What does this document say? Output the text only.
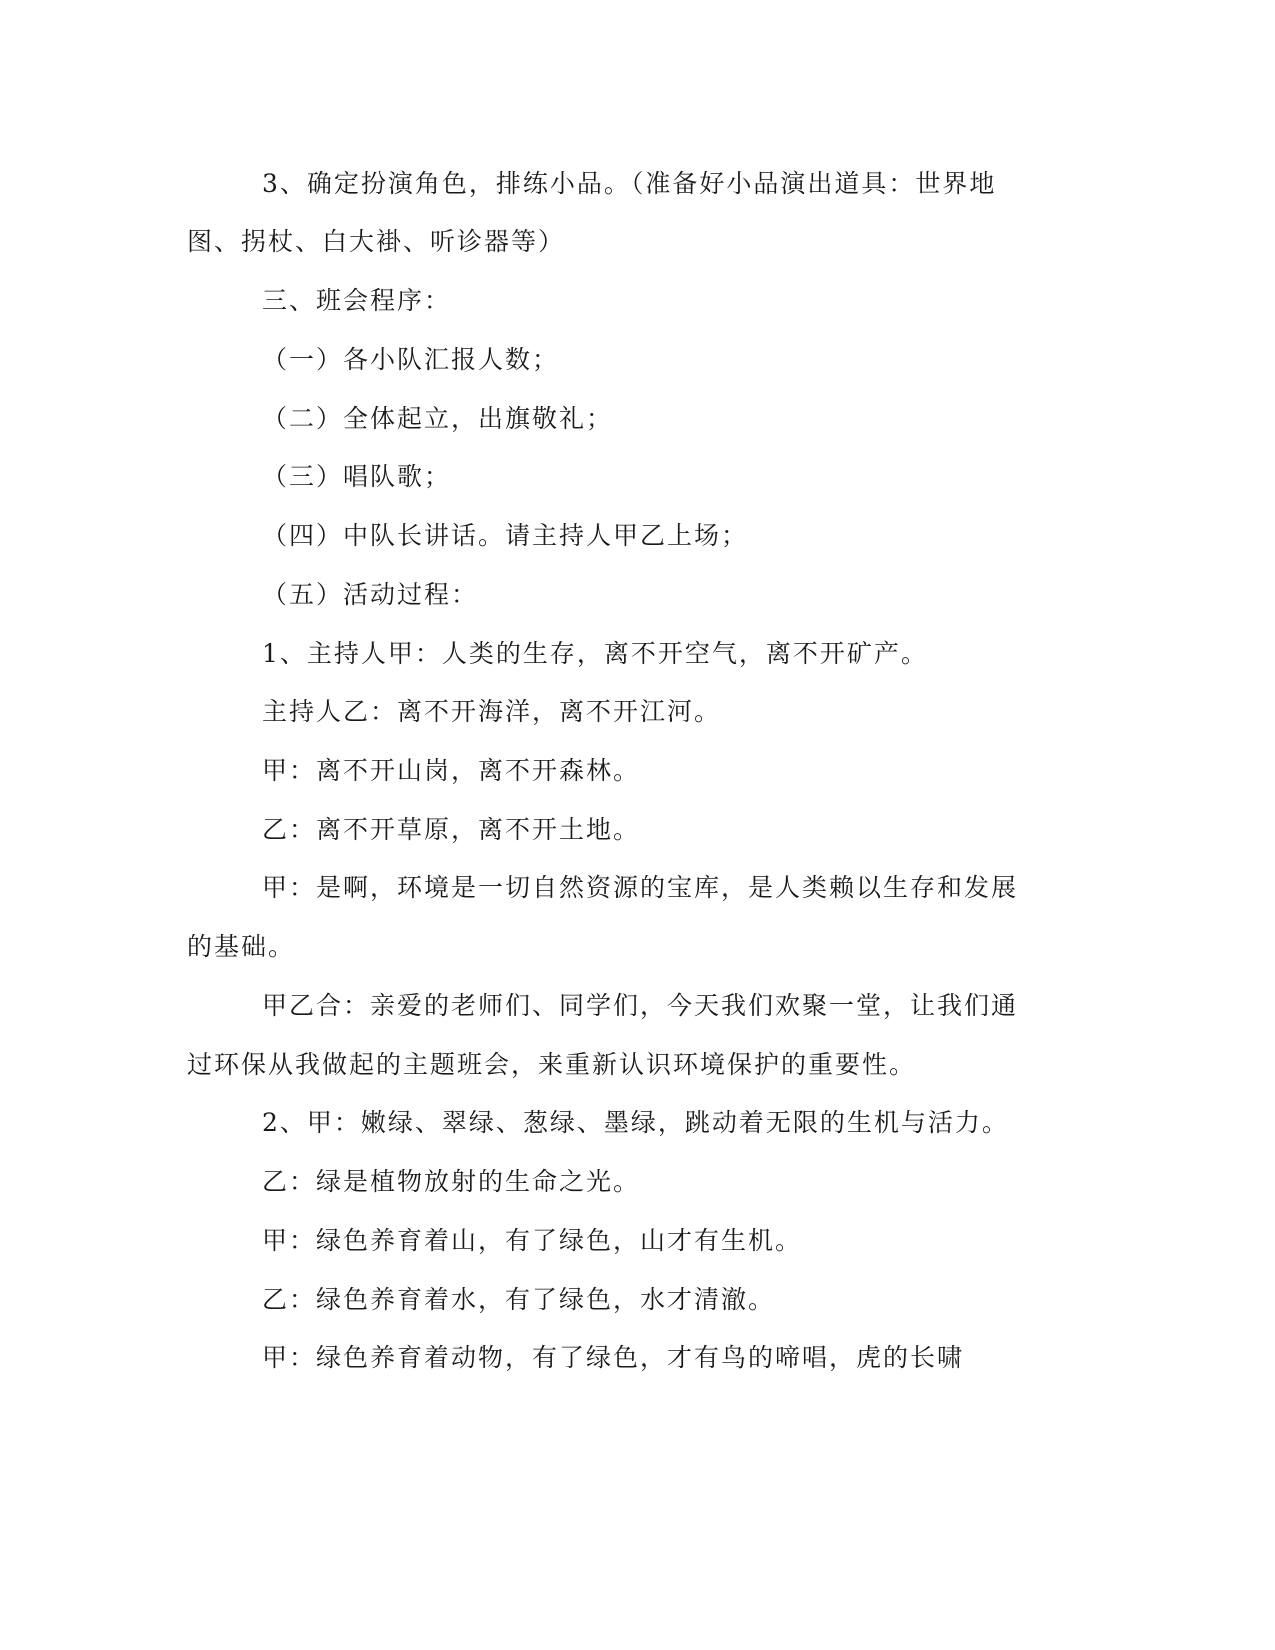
3、确定扮演角色，排练小品。（准备好小品演出道具：世界地
图、拐杖、白大褂、听诊器等）
三、班会程序：
（一）各小队汇报人数；
（二）全体起立，出旗敬礼；
（三）唱队歌；
（四）中队长讲话。请主持人甲乙上场；
（五）活动过程：
1、主持人甲：人类的生存，离不开空气，离不开矿产。
主持人乙：离不开海洋，离不开江河。
甲：离不开山岗，离不开森林。
乙：离不开草原，离不开土地。
甲：是啊，环境是一切自然资源的宝库，是人类赖以生存和发展
的基础。
甲乙合：亲爱的老师们、同学们，今天我们欢聚一堂，让我们通
过环保从我做起的主题班会，来重新认识环境保护的重要性。
2、甲：嫩绿、翠绿、葱绿、墨绿，跳动着无限的生机与活力。
乙：绿是植物放射的生命之光。
甲：绿色养育着山，有了绿色，山才有生机。
乙：绿色养育着水，有了绿色，水才清澈。
甲：绿色养育着动物，有了绿色，才有鸟的啼唱，虎的长啸
